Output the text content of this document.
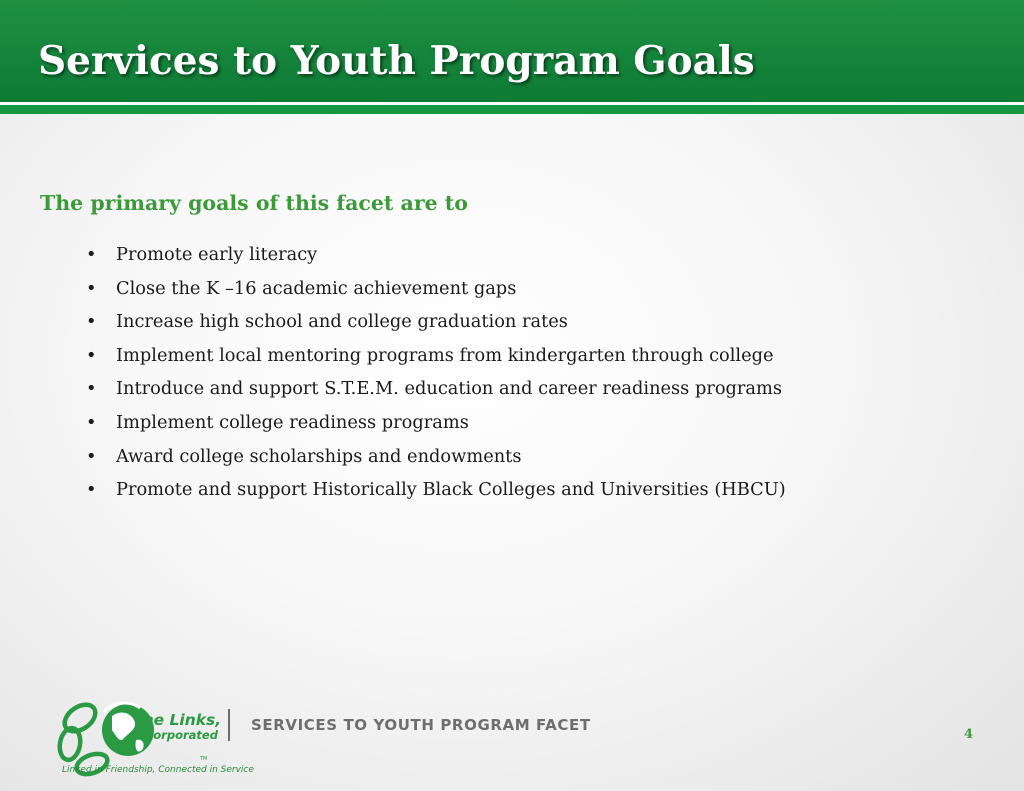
Services to Youth Program Goals

The primary goals of this facet are to

• Promote early literacy
• Close the K –16 academic achievement gaps
• Increase high school and college graduation rates
• Implement local mentoring programs from kindergarten through college
• Introduce and support S.T.E.M. education and career readiness programs
• Implement college readiness programs
• Award college scholarships and endowments
• Promote and support Historically Black Colleges and Universities (HBCU)
The Links,
Incorporated
TM
Linked in Friendship, Connected in Service
SERVICES TO YOUTH PROGRAM FACET
4
